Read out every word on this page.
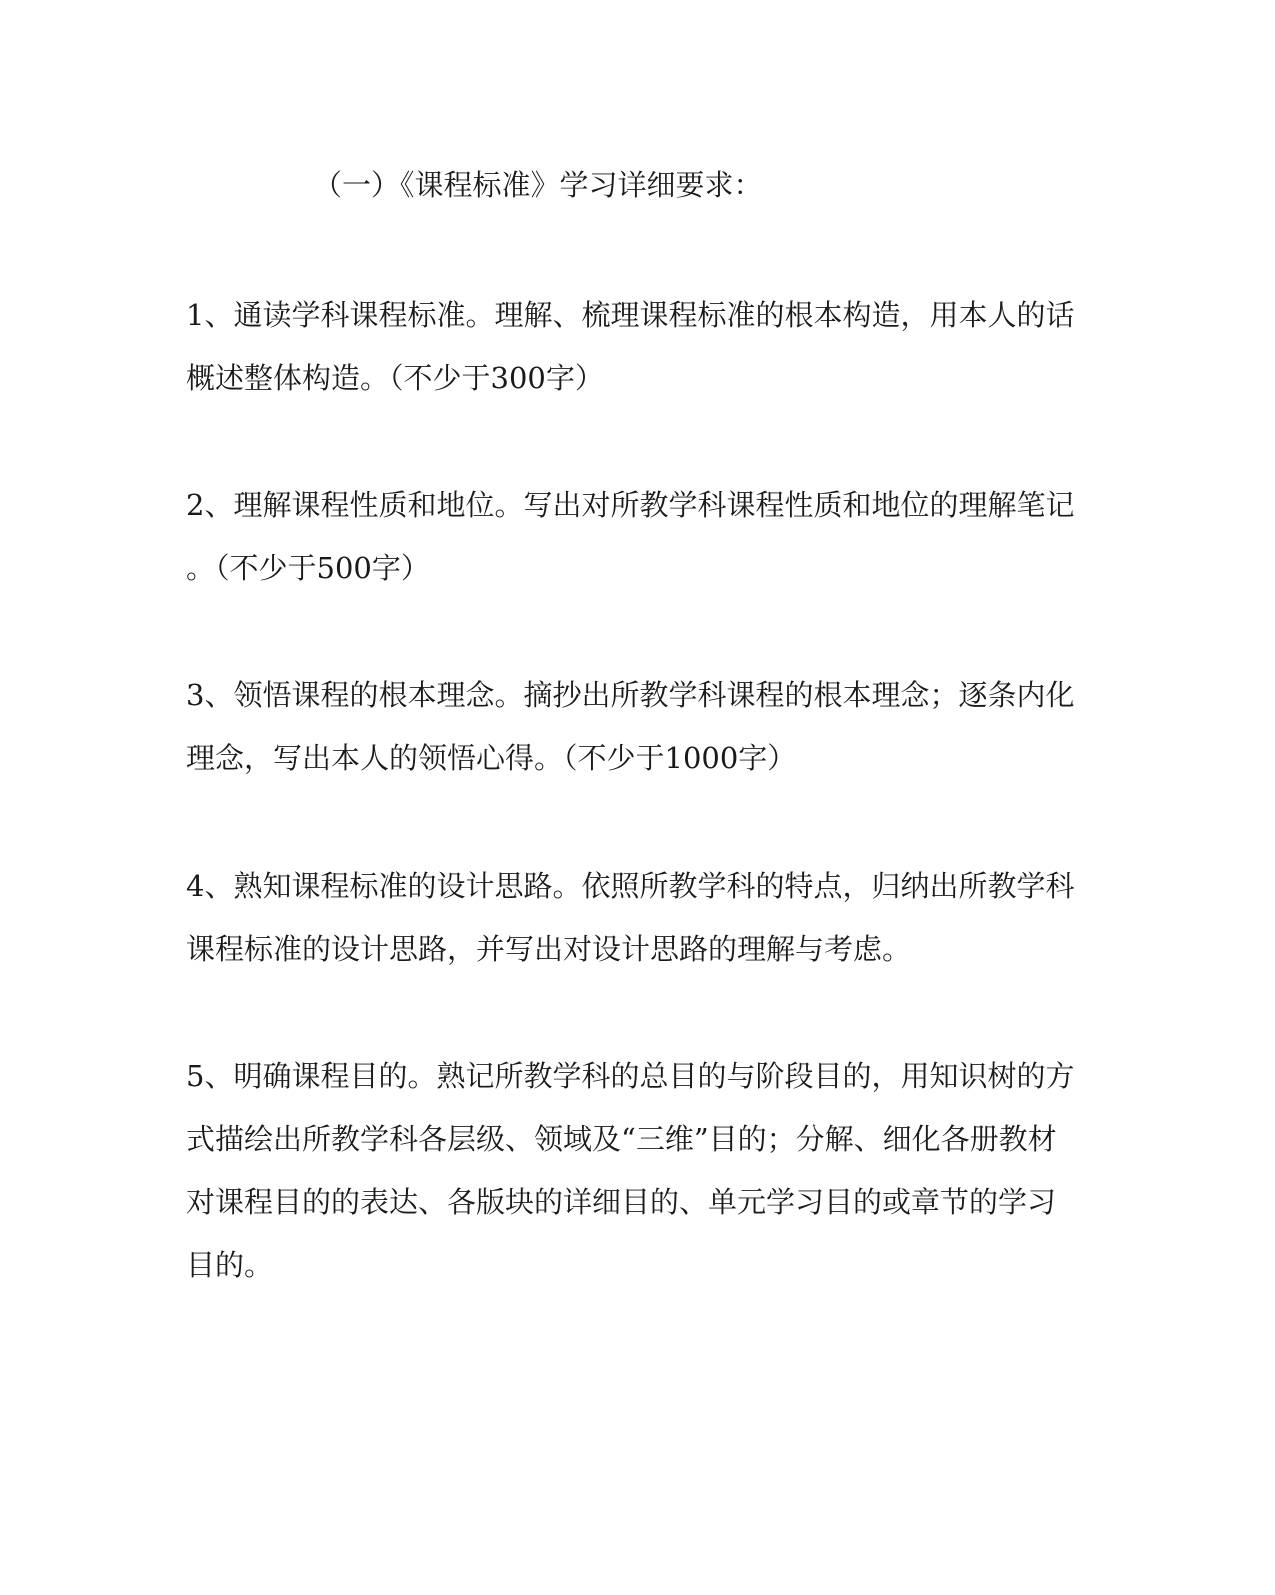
（一）《课程标准》学习详细要求：
1、通读学科课程标准。理解、梳理课程标准的根本构造，用本人的话
概述整体构造。（不少于300字）
2、理解课程性质和地位。写出对所教学科课程性质和地位的理解笔记
。（不少于500字）
3、领悟课程的根本理念。摘抄出所教学科课程的根本理念；逐条内化
理念，写出本人的领悟心得。（不少于1000字）
4、熟知课程标准的设计思路。依照所教学科的特点，归纳出所教学科
课程标准的设计思路，并写出对设计思路的理解与考虑。
5、明确课程目的。熟记所教学科的总目的与阶段目的，用知识树的方
式描绘出所教学科各层级、领域及“三维”目的；分解、细化各册教材
对课程目的的表达、各版块的详细目的、单元学习目的或章节的学习
目的。
